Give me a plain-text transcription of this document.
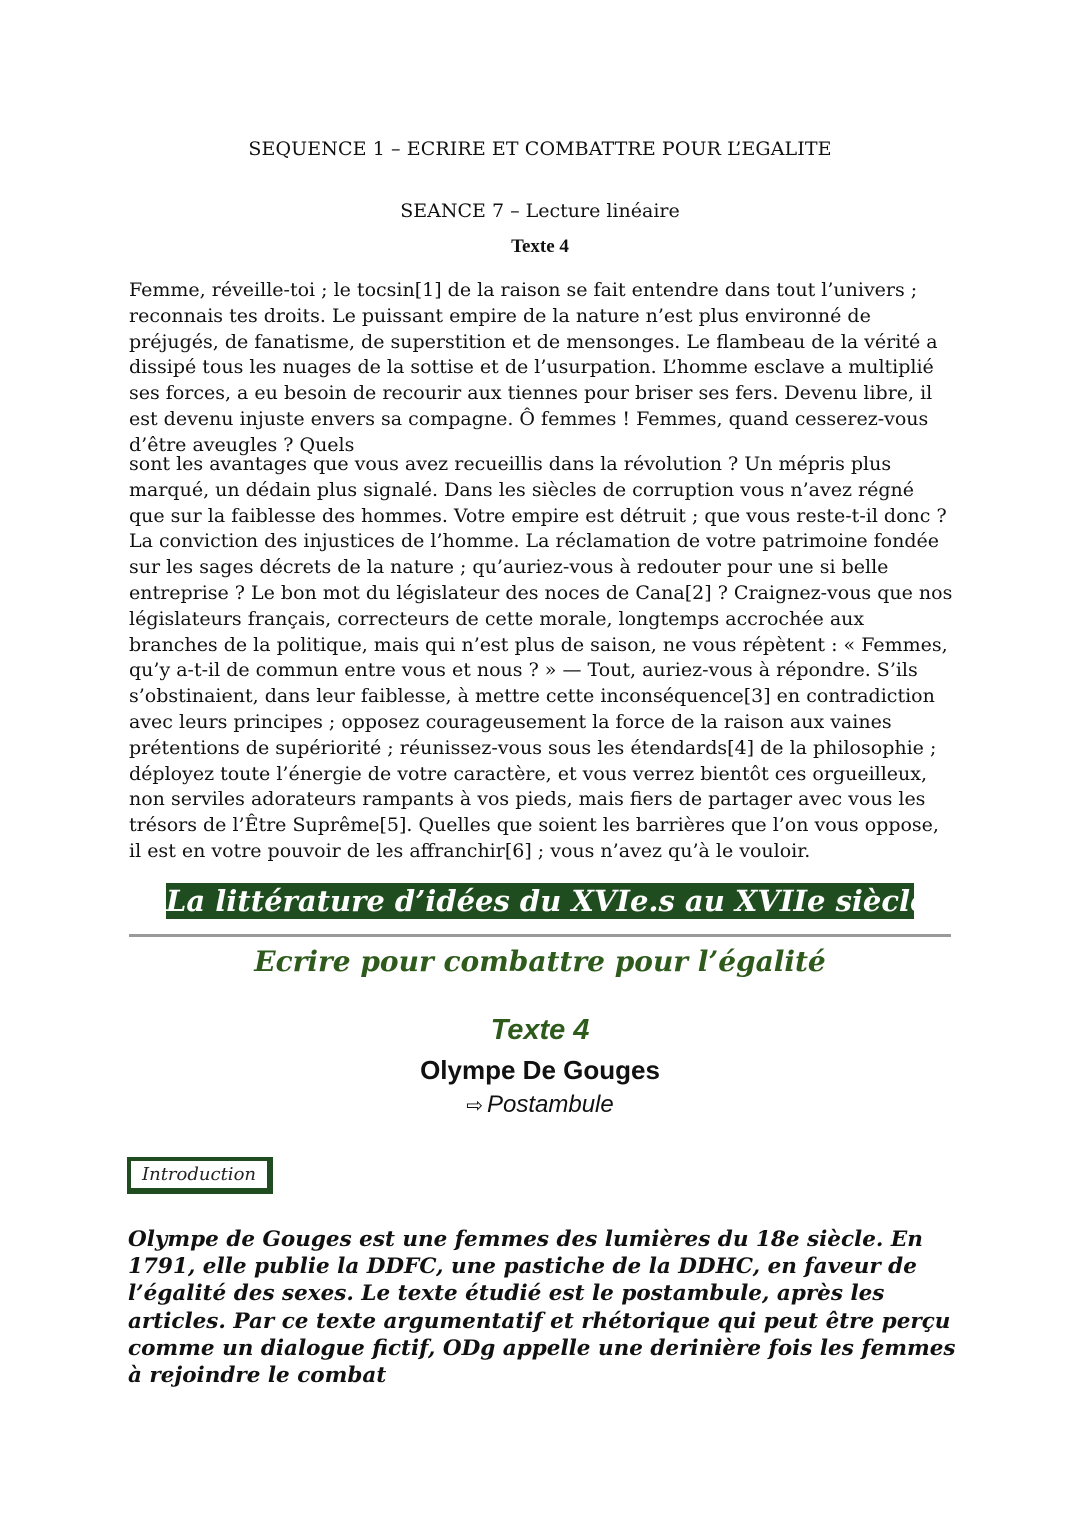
SEQUENCE 1 – ECRIRE ET COMBATTRE POUR L’EGALITE
SEANCE 7 – Lecture linéaire
Texte 4

Femme, réveille-toi ; le tocsin[1] de la raison se fait entendre dans tout l’univers ; reconnais tes droits. Le puissant empire de la nature n’est plus environné de préjugés, de fanatisme, de superstition et de mensonges. Le flambeau de la vérité a dissipé tous les nuages de la sottise et de l’usurpation. L’homme esclave a multiplié ses forces, a eu besoin de recourir aux tiennes pour briser ses fers. Devenu libre, il est devenu injuste envers sa compagne. Ô femmes ! Femmes, quand cesserez-vous d’être aveugles ? Quels

sont les avantages que vous avez recueillis dans la révolution ? Un mépris plus marqué, un dédain plus signalé. Dans les siècles de corruption vous n’avez régné que sur la faiblesse des hommes. Votre empire est détruit ; que vous reste-t-il donc ? La conviction des injustices de l’homme. La réclamation de votre patrimoine fondée sur les sages décrets de la nature ; qu’auriez-vous à redouter pour une si belle entreprise ? Le bon mot du législateur des noces de Cana[2] ? Craignez-vous que nos législateurs français, correcteurs de cette morale, longtemps accrochée aux branches de la politique, mais qui n’est plus de saison, ne vous répètent : « Femmes, qu’y a-t-il de commun entre vous et nous ? » — Tout, auriez-vous à répondre. S’ils s’obstinaient, dans leur faiblesse, à mettre cette inconséquence[3] en contradiction avec leurs principes ; opposez courageusement la force de la raison aux vaines prétentions de supériorité ; réunissez-vous sous les étendards[4] de la philosophie ; déployez toute l’énergie de votre caractère, et vous verrez bientôt ces orgueilleux, non serviles adorateurs rampants à vos pieds, mais fiers de partager avec vous les trésors de l’Être Suprême[5]. Quelles que soient les barrières que l’on vous oppose, il est en votre pouvoir de les affranchir[6] ; vous n’avez qu’à le vouloir.

La littérature d’idées du XVIe.s au XVIIe siècle
Ecrire pour combattre pour l’égalité
Texte 4
Olympe De Gouges
⇨ Postambule
Introduction

Olympe de Gouges est une femmes des lumières du 18e siècle. En 1791, elle publie la DDFC, une pastiche de la DDHC, en faveur de l’égalité des sexes. Le texte étudié est le postambule, après les articles. Par ce texte argumentatif et rhétorique qui peut être perçu comme un dialogue fictif, ODg appelle une derinière fois les femmes à rejoindre le combat
